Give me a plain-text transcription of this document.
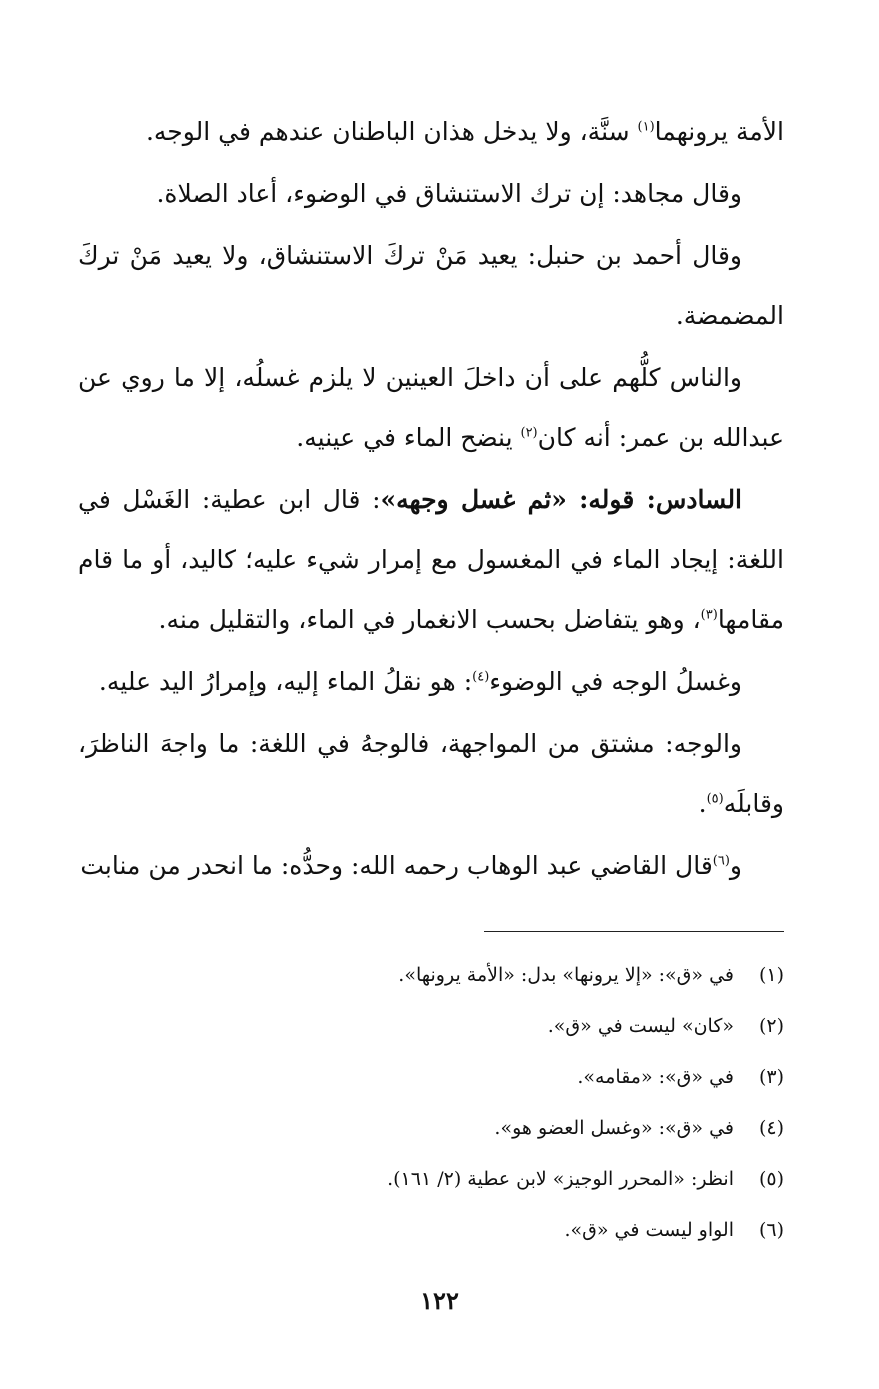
الأمة يرونهما$^{(١)}$ سنَّة، ولا يدخل هذان الباطنان عندهم في الوجه.

وقال مجاهد: إن ترك الاستنشاق في الوضوء، أعاد الصلاة.

وقال أحمد بن حنبل: يعيد مَنْ تركَ الاستنشاق، ولا يعيد مَنْ تركَ المضمضة.

والناس كلُّهم على أن داخلَ العينين لا يلزم غسلُه، إلا ما روي عن عبدالله بن عمر: أنه كان$^{(٢)}$ ينضح الماء في عينيه.

السادس: قوله: «ثم غسل وجهه»: قال ابن عطية: الغَسْل في اللغة: إيجاد الماء في المغسول مع إمرار شيء عليه؛ كاليد، أو ما قام مقامها$^{(٣)}$، وهو يتفاضل بحسب الانغمار في الماء، والتقليل منه.

وغسلُ الوجه في الوضوء$^{(٤)}$: هو نقلُ الماء إليه، وإمرارُ اليد عليه.

والوجه: مشتق من المواجهة، فالوجهُ في اللغة: ما واجهَ الناظرَ، وقابلَه$^{(٥)}$.

و$^{(٦)}$قال القاضي عبد الوهاب رحمه الله: وحدُّه: ما انحدر من منابت

(١)في «ق»: «إلا يرونها» بدل: «الأمة يرونها».
(٢)«كان» ليست في «ق».
(٣)في «ق»: «مقامه».
(٤)في «ق»: «وغسل العضو هو».
(٥)انظر: «المحرر الوجيز» لابن عطية (٢/ ١٦١).
(٦)الواو ليست في «ق».
١٢٢
